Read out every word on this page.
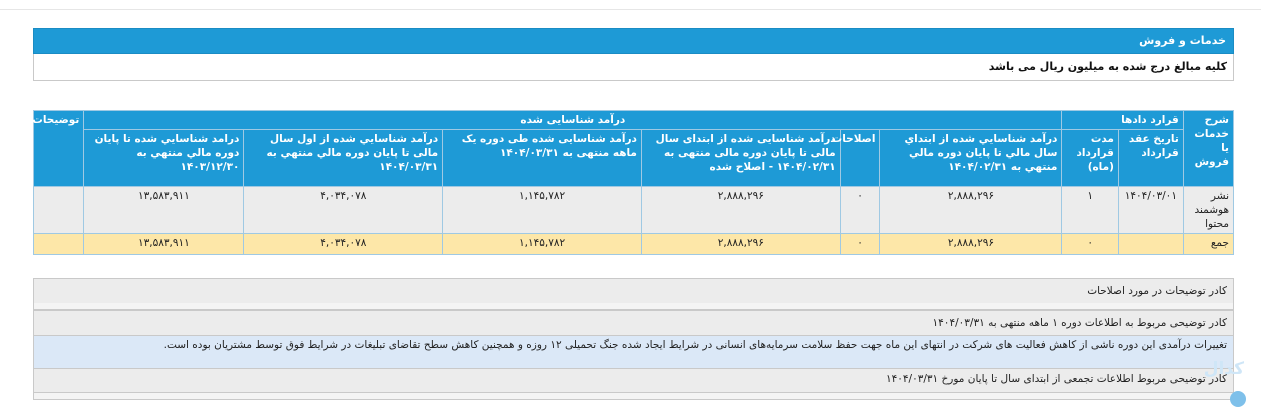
خدمات و فروش
کلیه مبالغ درج شده به میلیون ریال می باشد
شرح خدمات یا فروش	قرارد دادها		درآمد شناسایی شده						توضیحات
	تاریخ عقد قرارداد	مدت قرارداد (ماه)	درآمد شناسايي شده از ابتداي سال مالي تا پايان دوره مالي منتهي به ۱۴۰۴/۰۲/۳۱	اصلاحات	درآمد شناسایی شده از ابتدای سال مالی تا پایان دوره مالی منتهی به ۱۴۰۴/۰۲/۳۱ - اصلاح شده	درآمد شناسایی شده طی دوره یک ماهه منتهی به ۱۴۰۴/۰۳/۳۱	درآمد شناسايي شده از اول سال مالی تا پایان دوره مالي منتهي به ۱۴۰۴/۰۳/۳۱	درامد شناسايي شده تا پايان دوره مالي منتهي به ۱۴۰۳/۱۲/۳۰	
نشر هوشمند محتوا	۱۴۰۴/۰۳/۰۱	۱	۲,۸۸۸,۲۹۶	۰	۲,۸۸۸,۲۹۶	۱,۱۴۵,۷۸۲	۴,۰۳۴,۰۷۸	۱۳,۵۸۳,۹۱۱	
جمع		۰	۲,۸۸۸,۲۹۶	۰	۲,۸۸۸,۲۹۶	۱,۱۴۵,۷۸۲	۴,۰۳۴,۰۷۸	۱۳,۵۸۳,۹۱۱	
کادر توضیحات در مورد اصلاحات
کادر توضیحی مربوط به اطلاعات دوره ۱ ماهه منتهی به ۱۴۰۴/۰۳/۳۱
تغییرات درآمدی این دوره ناشی از کاهش فعالیت های شرکت در انتهای این ماه جهت حفظ سلامت سرمایه‌های انسانی در شرایط ایجاد شده جنگ تحمیلی ۱۲ روزه و همچنین کاهش سطح تقاضای تبلیغات در شرایط فوق توسط مشتریان بوده است.
کادر توضیحی مربوط اطلاعات تجمعی از ابتدای سال تا پایان مورخ ۱۴۰۴/۰۳/۳۱
کدال
